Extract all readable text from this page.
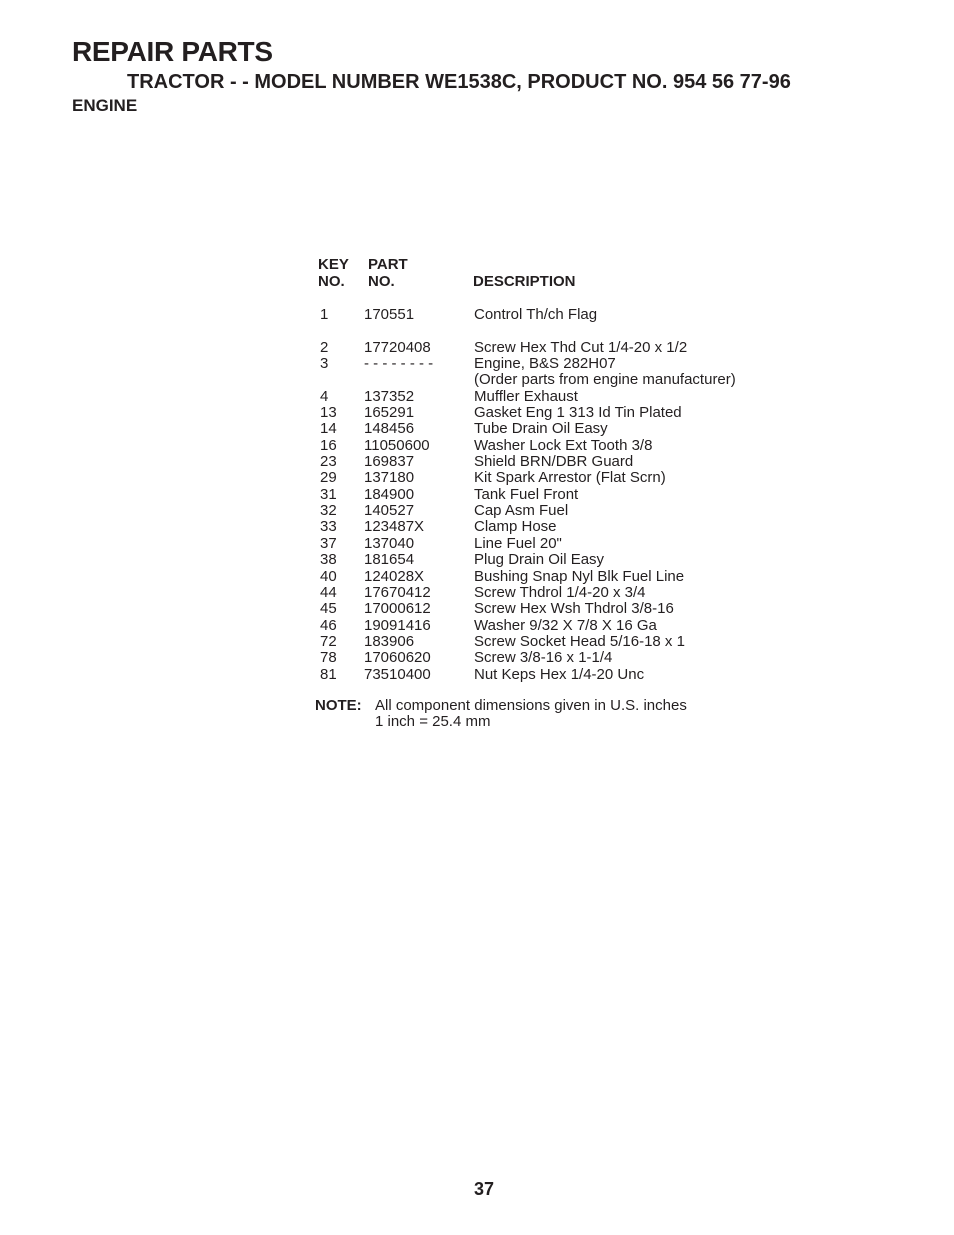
REPAIR PARTS
TRACTOR - - MODEL NUMBER WE1538C, PRODUCT NO. 954 56 77-96
ENGINE
KEY
NO.
PART
NO.	DESCRIPTION
1 170551	Control Th/ch Flag
2 17720408	Screw Hex Thd Cut 1/4-20 x 1/2
3 - - - - - - - -	Engine, B&S 282H07
(Order parts from engine manufacturer)
4 137352	Muffler Exhaust
13 165291	Gasket Eng 1 313 Id Tin Plated
14 148456	Tube Drain Oil Easy
16 11050600	Washer Lock Ext Tooth 3/8
23 169837	Shield BRN/DBR Guard
29 137180	Kit Spark Arrestor (Flat Scrn)
31 184900	Tank Fuel Front
32 140527	Cap Asm Fuel
33 123487X	Clamp Hose
37 137040	Line Fuel 20"
38 181654	Plug Drain Oil Easy
40 124028X	Bushing Snap Nyl Blk Fuel Line
44 17670412	Screw Thdrol 1/4-20 x 3/4
45 17000612	Screw Hex Wsh Thdrol 3/8-16
46 19091416	Washer 9/32 X 7/8 X 16 Ga
72 183906	Screw Socket Head 5/16-18 x 1
78 17060620	Screw 3/8-16 x 1-1/4
81 73510400	Nut Keps Hex 1/4-20 Unc
NOTE: All component dimensions given in U.S. inches
1 inch = 25.4 mm
37
